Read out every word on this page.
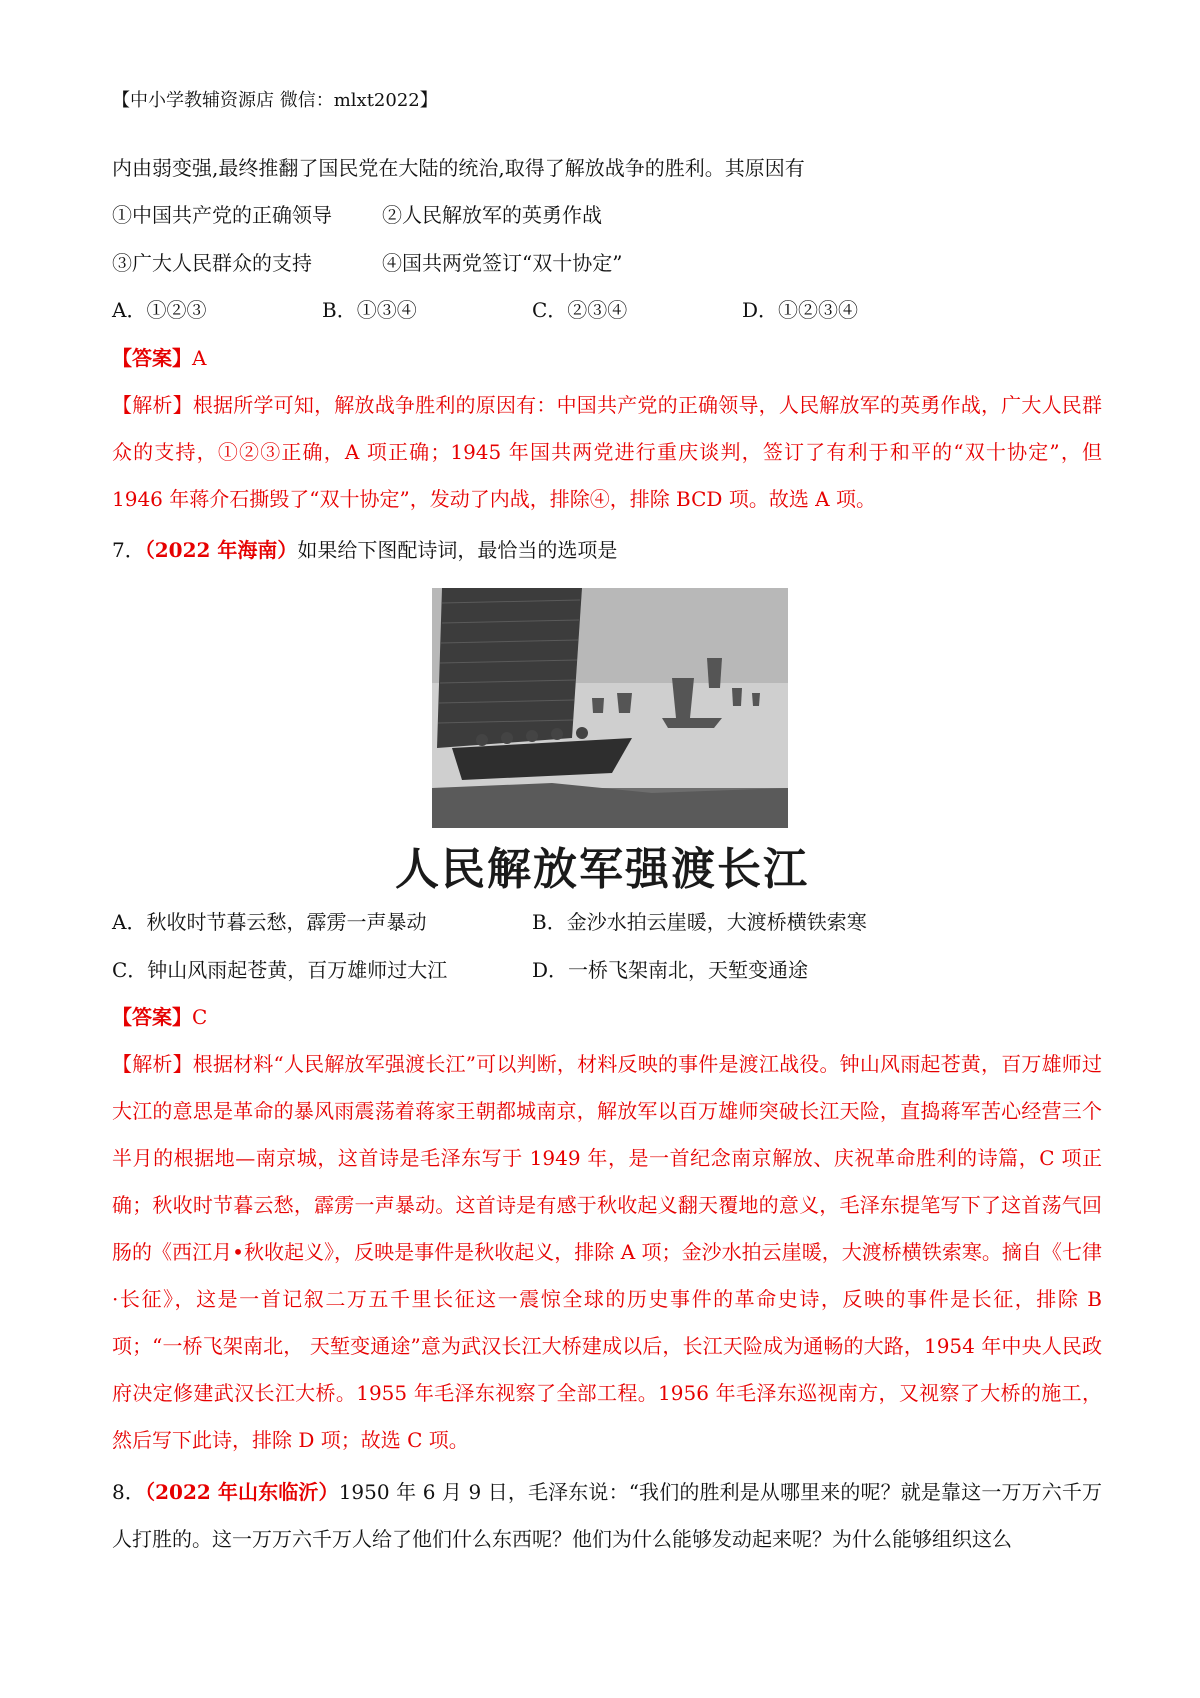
【中小学教辅资源店 微信：mlxt2022】
内由弱变强,最终推翻了国民党在大陆的统治,取得了解放战争的胜利。其原因有
①中国共产党的正确领导	②人民解放军的英勇作战
③广大人民群众的支持	④国共两党签订“双十协定”
A．①②③	B．①③④	C．②③④	D．①②③④
【答案】A
【解析】根据所学可知，解放战争胜利的原因有：中国共产党的正确领导，人民解放军的英勇作战，广大人民群众的支持，①②③正确，A 项正确；1945 年国共两党进行重庆谈判，签订了有利于和平的“双十协定”，但 1946 年蒋介石撕毁了“双十协定”，发动了内战，排除④，排除 BCD 项。故选 A 项。
7．（2022 年海南）如果给下图配诗词，最恰当的选项是
人民解放军强渡长江
A．秋收时节暮云愁，霹雳一声暴动	B．金沙水拍云崖暖，大渡桥横铁索寒
C．钟山风雨起苍黄，百万雄师过大江	D．一桥飞架南北，天堑变通途
【答案】C
【解析】根据材料“人民解放军强渡长江”可以判断，材料反映的事件是渡江战役。钟山风雨起苍黄，百万雄师过大江的意思是革命的暴风雨震荡着蒋家王朝都城南京，解放军以百万雄师突破长江天险，直捣蒋军苦心经营三个半月的根据地—南京城，这首诗是毛泽东写于 1949 年，是一首纪念南京解放、庆祝革命胜利的诗篇，C 项正确；秋收时节暮云愁，霹雳一声暴动。这首诗是有感于秋收起义翻天覆地的意义，毛泽东提笔写下了这首荡气回肠的《西江月•秋收起义》，反映是事件是秋收起义，排除 A 项；金沙水拍云崖暖，大渡桥横铁索寒。摘自《七律·长征》，这是一首记叙二万五千里长征这一震惊全球的历史事件的革命史诗，反映的事件是长征，排除 B 项；“一桥飞架南北， 天堑变通途”意为武汉长江大桥建成以后，长江天险成为通畅的大路，1954 年中央人民政府决定修建武汉长江大桥。1955 年毛泽东视察了全部工程。1956 年毛泽东巡视南方，又视察了大桥的施工，然后写下此诗，排除 D 项；故选 C 项。
8．（2022 年山东临沂）1950 年 6 月 9 日，毛泽东说：“我们的胜利是从哪里来的呢？就是靠这一万万六千万人打胜的。这一万万六千万人给了他们什么东西呢？他们为什么能够发动起来呢？为什么能够组织这么
